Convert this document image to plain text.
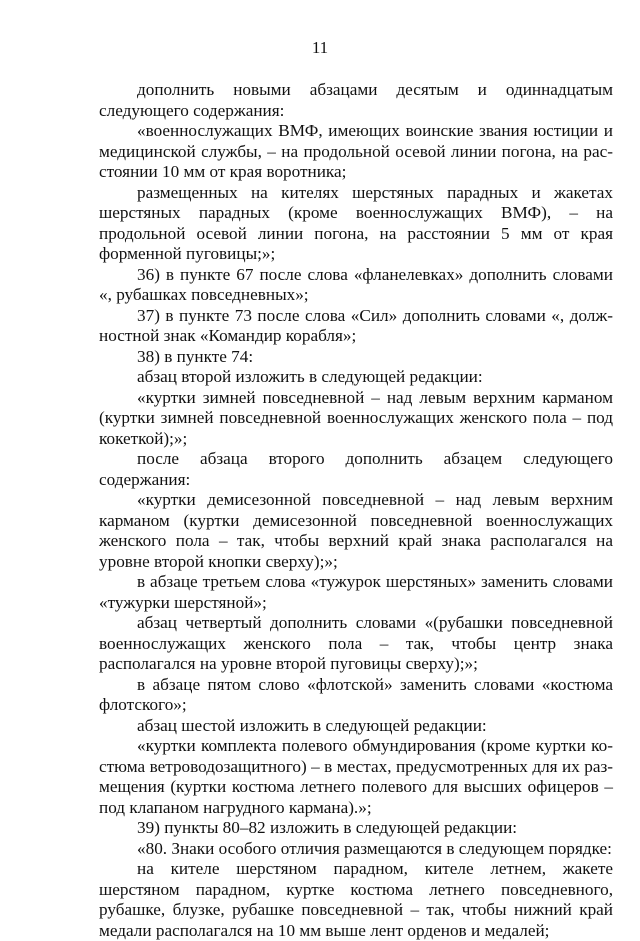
11

дополнить новыми абзацами десятым и одиннадцатым следующего содержания:

«военнослужащих ВМФ, имеющих воинские звания юстиции и медицинской службы, – на продольной осевой линии погона, на расстоянии 10 мм от края воротника;

размещенных на кителях шерстяных парадных и жакетах шерстяных парадных (кроме военнослужащих ВМФ), – на продольной осевой линии погона, на расстоянии 5 мм от края форменной пуговицы;»;

36) в пункте 67 после слова «фланелевках» дополнить словами «, рубашках повседневных»;

37) в пункте 73 после слова «Сил» дополнить словами «, должностной знак «Командир корабля»;

38) в пункте 74:

абзац второй изложить в следующей редакции:

«куртки зимней повседневной – над левым верхним карманом (куртки зимней повседневной военнослужащих женского пола – под кокеткой);»;

после абзаца второго дополнить абзацем следующего содержания:

«куртки демисезонной повседневной – над левым верхним карманом (куртки демисезонной повседневной военнослужащих женского пола – так, чтобы верхний край знака располагался на уровне второй кнопки сверху);»;

в абзаце третьем слова «тужурок шерстяных» заменить словами «тужурки шерстяной»;

абзац четвертый дополнить словами «(рубашки повседневной военнослужащих женского пола – так, чтобы центр знака располагался на уровне второй пуговицы сверху);»;

в абзаце пятом слово «флотской» заменить словами «костюма флотского»;

абзац шестой изложить в следующей редакции:

«куртки комплекта полевого обмундирования (кроме куртки костюма ветроводозащитного) – в местах, предусмотренных для их размещения (куртки костюма летнего полевого для высших офицеров – под клапаном нагрудного кармана).»;

39) пункты 80–82 изложить в следующей редакции:

«80. Знаки особого отличия размещаются в следующем порядке:

на кителе шерстяном парадном, кителе летнем, жакете шерстяном парадном, куртке костюма летнего повседневного, рубашке, блузке, рубашке повседневной – так, чтобы нижний край медали располагался на 10 мм выше лент орденов и медалей;
